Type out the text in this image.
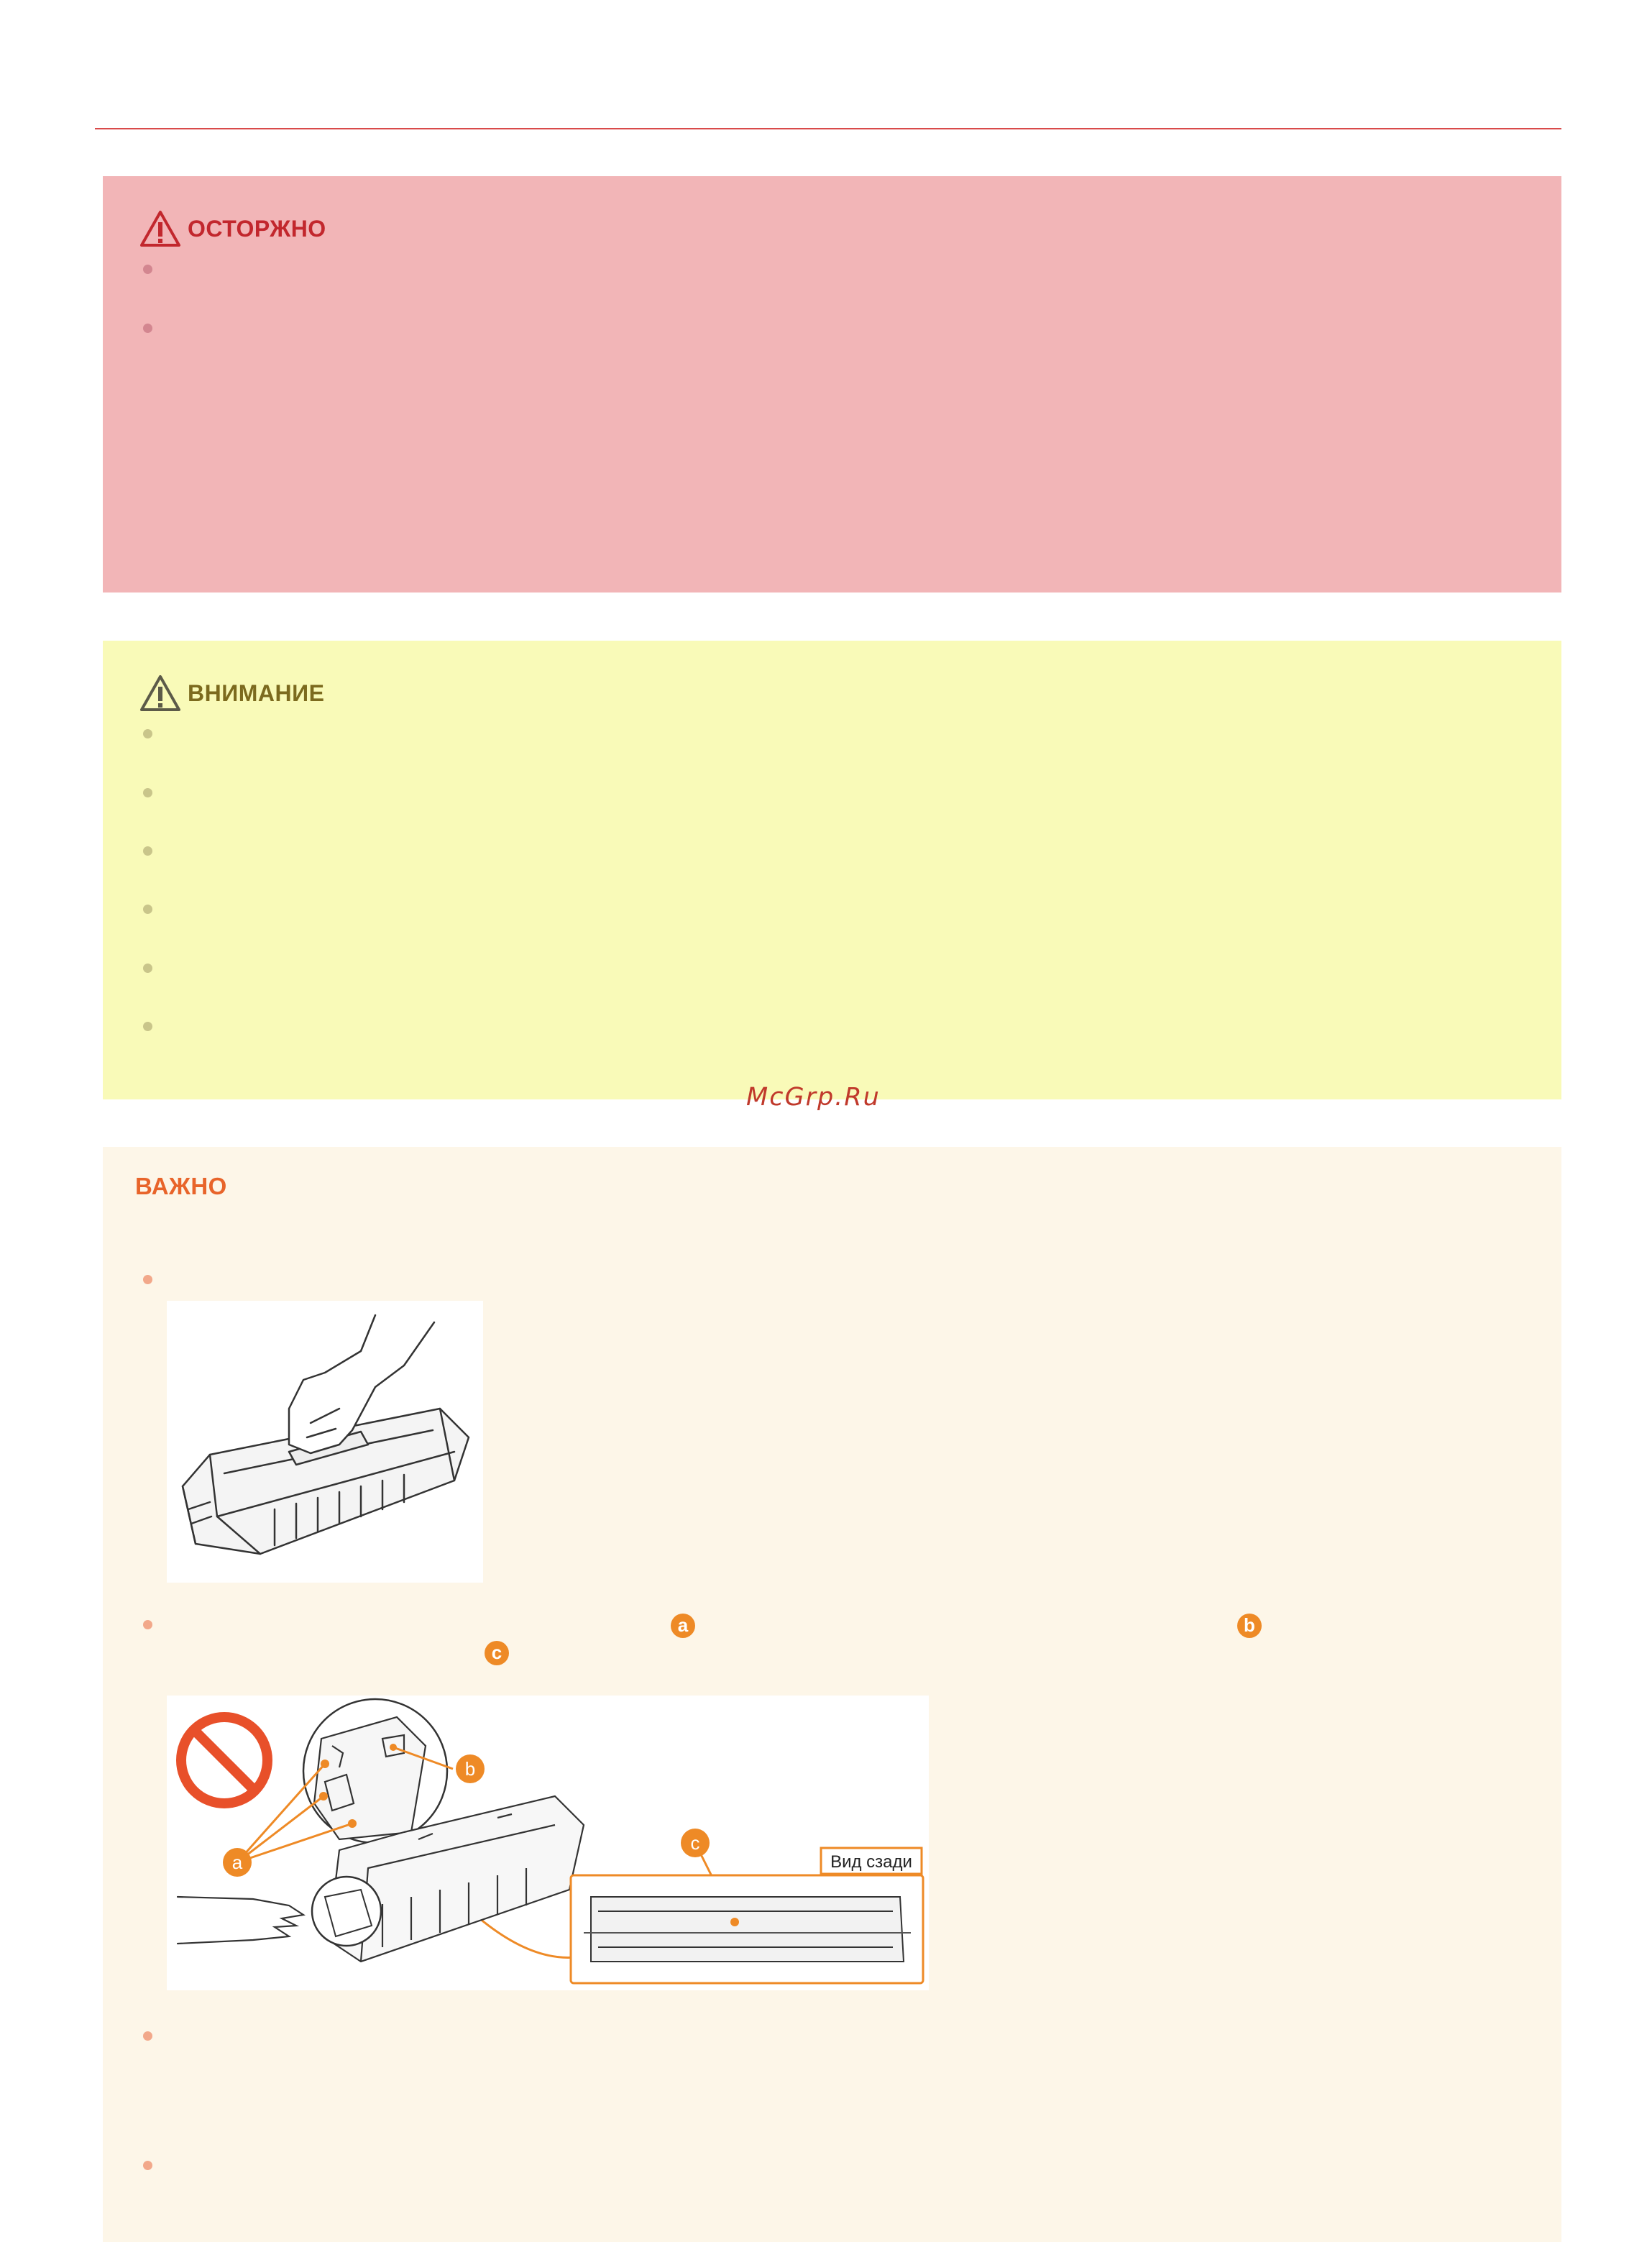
ОСТОРЖНО
ВНИМАНИЕ
McGrp.Ru
ВАЖНО
a	b
c
a
b
c
Вид сзади
